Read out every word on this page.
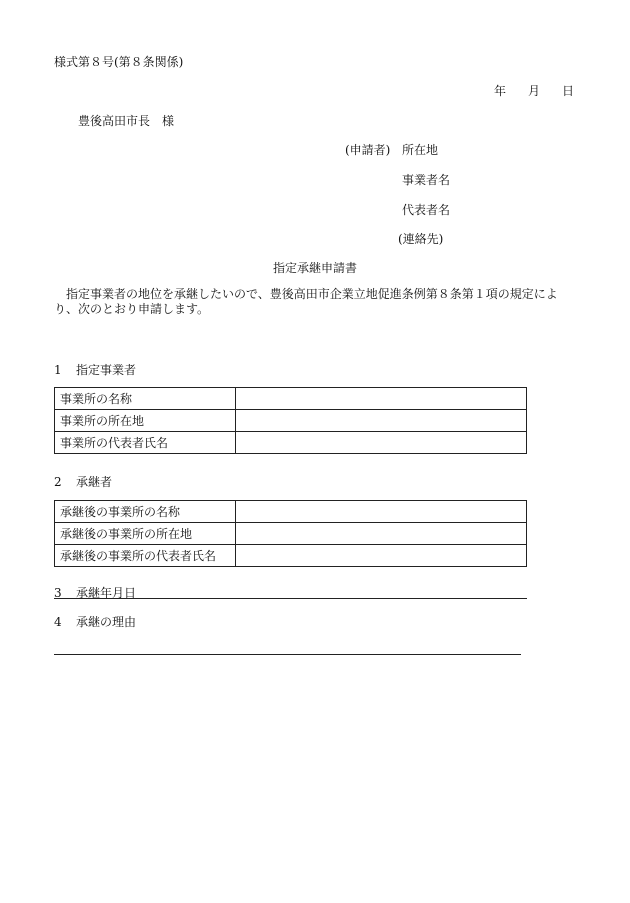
様式第８号(第８条関係)
年 月 日
豊後高田市長　様
(申請者) 所在地
事業者名
代表者名
(連絡先)
指定承継申請書
指定事業者の地位を承継したいので、豊後高田市企業立地促進条例第８条第１項の規定により、次のとおり申請します。
1 指定事業者
事業所の名称	
事業所の所在地	
事業所の代表者氏名	
2 承継者
承継後の事業所の名称	
承継後の事業所の所在地	
承継後の事業所の代表者氏名	
3 承継年月日
4 承継の理由
